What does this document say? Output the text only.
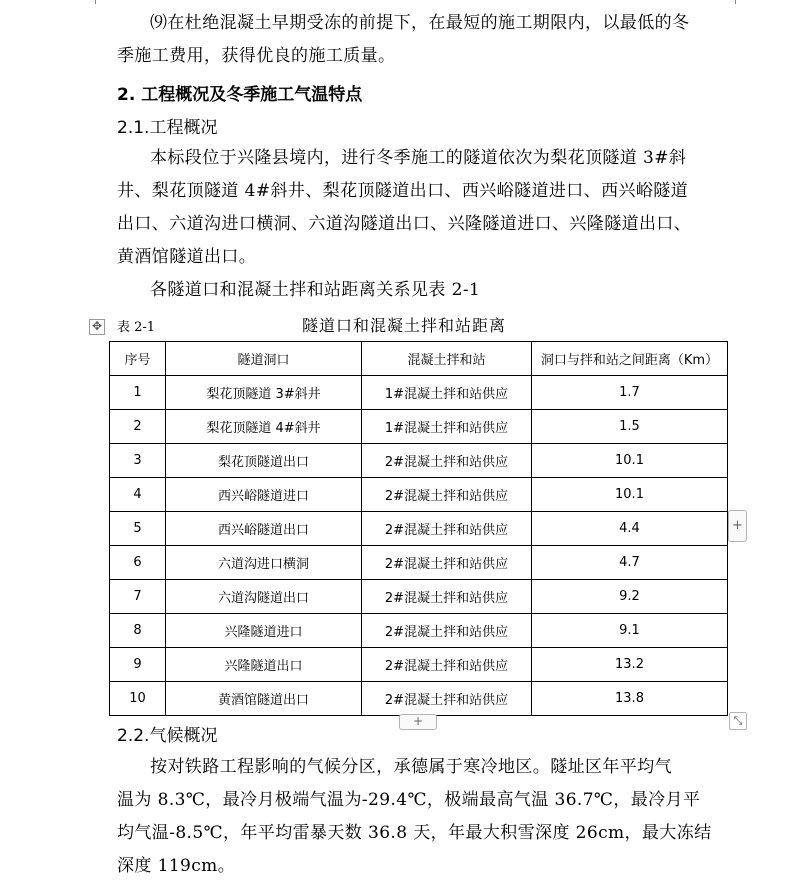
⑼在杜绝混凝土早期受冻的前提下，在最短的施工期限内，以最低的冬
季施工费用，获得优良的施工质量。
2. 工程概况及冬季施工气温特点
2.1.工程概况
本标段位于兴隆县境内，进行冬季施工的隧道依次为梨花顶隧道 3#斜
井、梨花顶隧道 4#斜井、梨花顶隧道出口、西兴峪隧道进口、西兴峪隧道
出口、六道沟进口横洞、六道沟隧道出口、兴隆隧道进口、兴隆隧道出口、
黄酒馆隧道出口。
各隧道口和混凝土拌和站距离关系见表 2-1
✥ 表 2-1	隧道口和混凝土拌和站距离
序号	隧道洞口	混凝土拌和站	洞口与拌和站之间距离（Km）
1	梨花顶隧道 3#斜井	1#混凝土拌和站供应	1.7
2	梨花顶隧道 4#斜井	1#混凝土拌和站供应	1.5
3	梨花顶隧道出口	2#混凝土拌和站供应	10.1
4	西兴峪隧道进口	2#混凝土拌和站供应	10.1
5	西兴峪隧道出口	2#混凝土拌和站供应	4.4
6	六道沟进口横洞	2#混凝土拌和站供应	4.7
7	六道沟隧道出口	2#混凝土拌和站供应	9.2
8	兴隆隧道进口	2#混凝土拌和站供应	9.1
9	兴隆隧道出口	2#混凝土拌和站供应	13.2
10	黄酒馆隧道出口	2#混凝土拌和站供应	13.8
+
+	⤡
2.2.气候概况
按对铁路工程影响的气候分区，承德属于寒冷地区。隧址区年平均气
温为 8.3℃，最冷月极端气温为-29.4℃，极端最高气温 36.7℃，最冷月平
均气温-8.5℃，年平均雷暴天数 36.8 天，年最大积雪深度 26cm，最大冻结
深度 119cm。
